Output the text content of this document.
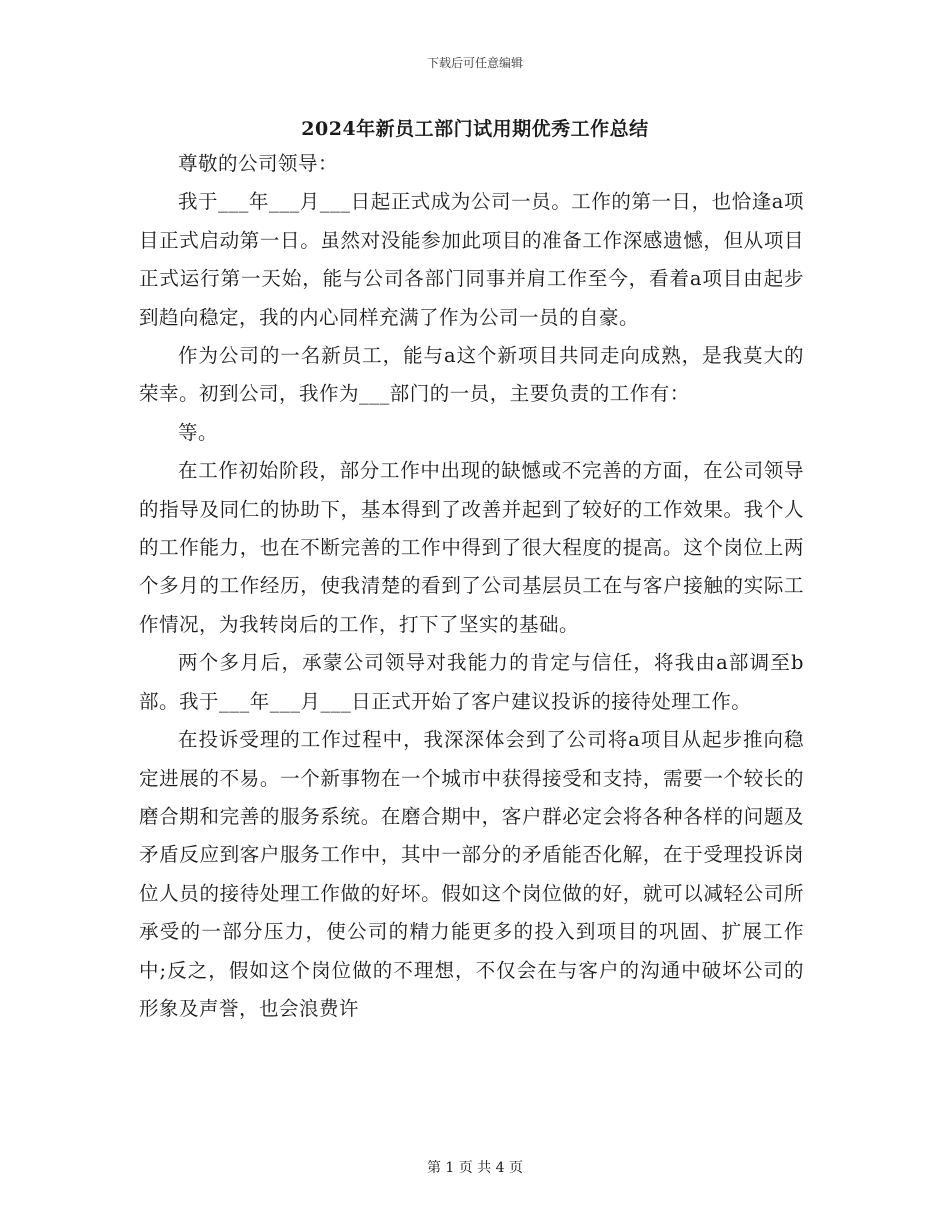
下载后可任意编辑
2024年新员工部门试用期优秀工作总结

尊敬的公司领导：

我于___年___月___日起正式成为公司一员。工作的第一日，也恰逢a项目正式启动第一日。虽然对没能参加此项目的准备工作深感遗憾，但从项目正式运行第一天始，能与公司各部门同事并肩工作至今，看着a项目由起步到趋向稳定，我的内心同样充满了作为公司一员的自豪。

作为公司的一名新员工，能与a这个新项目共同走向成熟，是我莫大的荣幸。初到公司，我作为___部门的一员，主要负责的工作有：

等。

在工作初始阶段，部分工作中出现的缺憾或不完善的方面，在公司领导的指导及同仁的协助下，基本得到了改善并起到了较好的工作效果。我个人的工作能力，也在不断完善的工作中得到了很大程度的提高。这个岗位上两个多月的工作经历，使我清楚的看到了公司基层员工在与客户接触的实际工作情况，为我转岗后的工作，打下了坚实的基础。

两个多月后，承蒙公司领导对我能力的肯定与信任，将我由a部调至b部。我于___年___月___日正式开始了客户建议投诉的接待处理工作。

在投诉受理的工作过程中，我深深体会到了公司将a项目从起步推向稳定进展的不易。一个新事物在一个城市中获得接受和支持，需要一个较长的磨合期和完善的服务系统。在磨合期中，客户群必定会将各种各样的问题及矛盾反应到客户服务工作中，其中一部分的矛盾能否化解，在于受理投诉岗位人员的接待处理工作做的好坏。假如这个岗位做的好，就可以减轻公司所承受的一部分压力，使公司的精力能更多的投入到项目的巩固、扩展工作中;反之，假如这个岗位做的不理想，不仅会在与客户的沟通中破坏公司的形象及声誉，也会浪费许

第 1 页 共 4 页
